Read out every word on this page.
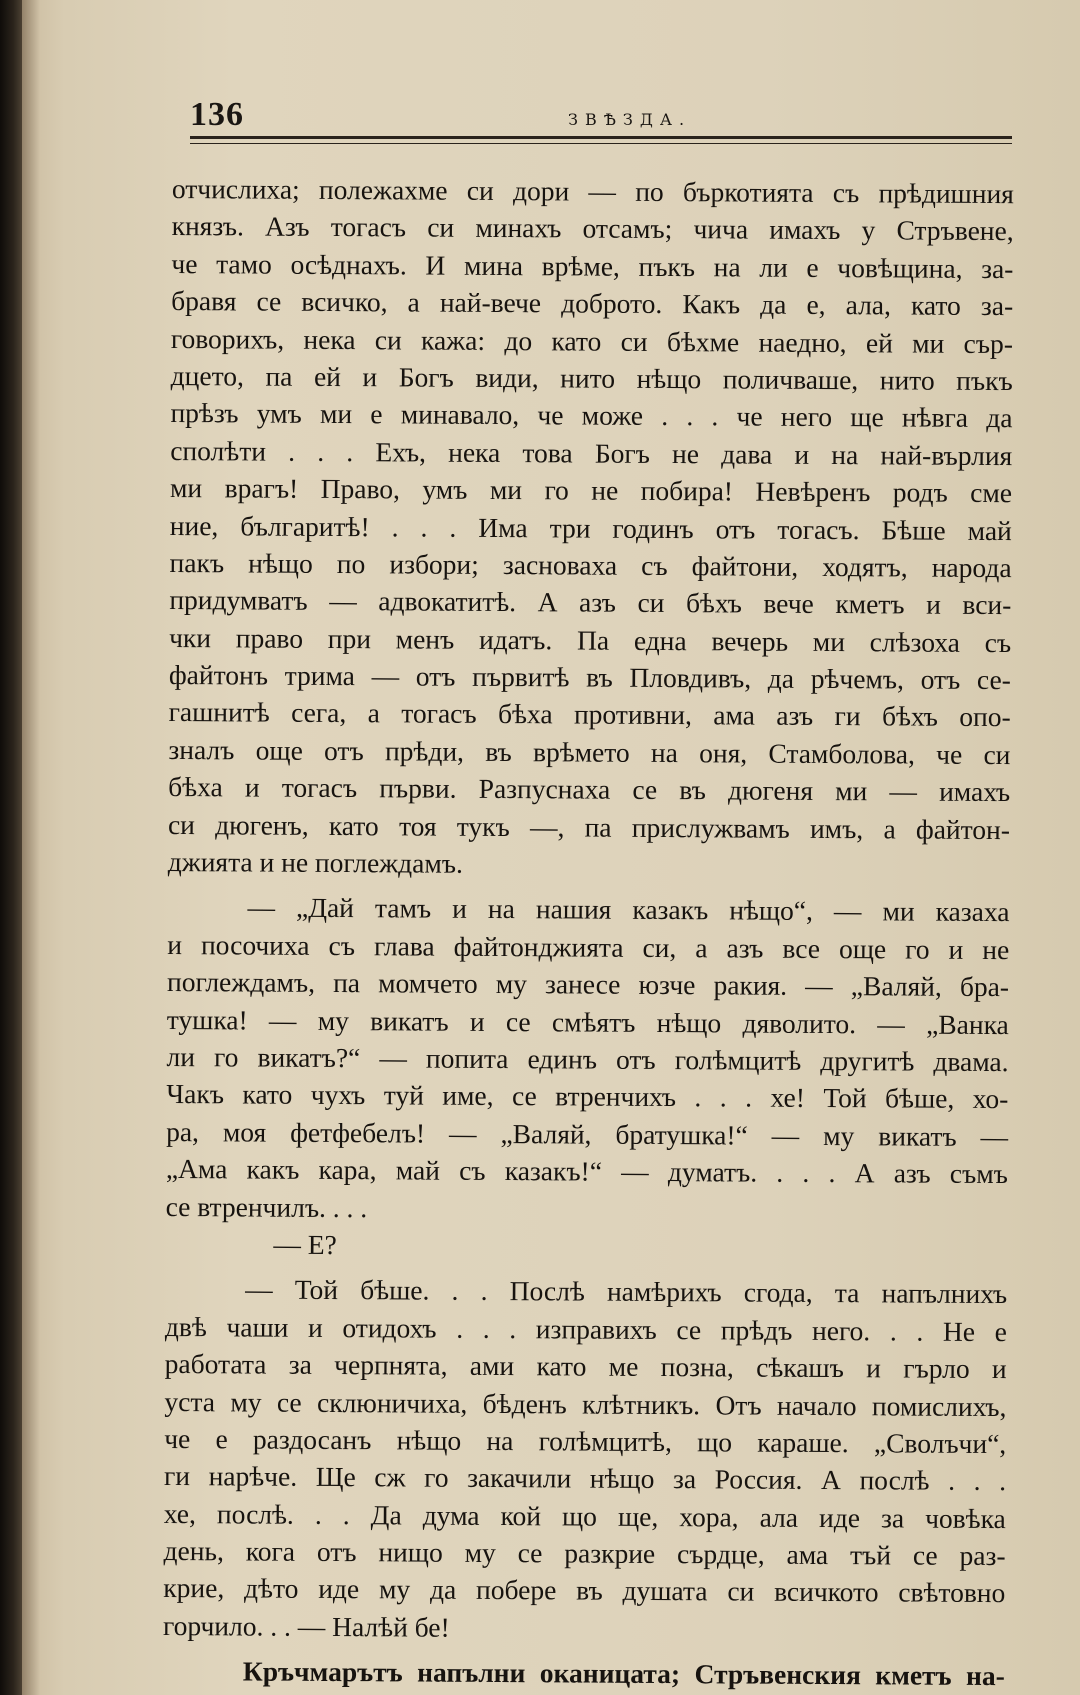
136	ЗВѢЗДА.
отчислиха; полежахме си дори — по бъркотията съ прѣдишния
князъ. Азъ тогасъ си минахъ отсамъ; чича имахъ у Стръвене,
че тамо осѣднахъ. И мина врѣме, пъкъ на ли е човѣщина, за-
бравя се всичко, а най-вече доброто. Какъ да е, ала, като за-
говорихъ, нека си кажа: до като си бѣхме наедно, ей ми сър-
дцето, па ей и Богъ види, нито нѣщо поличваше, нито пъкъ
прѣзъ умъ ми е минавало, че може . . . че него ще нѣвга да
сполѣти . . . Ехъ, нека това Богъ не дава и на най-върлия
ми врагъ! Право, умъ ми го не побира! Невѣренъ родъ сме
ние, българитѣ! . . . Има три годинъ отъ тогасъ. Бѣше май
пакъ нѣщо по избори; засноваха съ файтони, ходятъ, народа
придумватъ — адвокатитѣ. А азъ си бѣхъ вече кметъ и вси-
чки право при менъ идатъ. Па една вечерь ми слѣзоха съ
файтонъ трима — отъ първитѣ въ Пловдивъ, да рѣчемъ, отъ се-
гашнитѣ сега, а тогасъ бѣха противни, ама азъ ги бѣхъ опо-
зналъ още отъ прѣди, въ врѣмето на оня, Стамболова, че си
бѣха и тогасъ първи. Разпуснаха се въ дюгеня ми — имахъ
си дюгенъ, като тоя тукъ —, па прислужвамъ имъ, а файтон-
джията и не поглеждамъ.
— „Дай тамъ и на нашия казакъ нѣщо“, — ми казаха
и посочиха съ глава файтонджията си, а азъ все още го и не
поглеждамъ, па момчето му занесе юзче ракия. — „Валяй, бра-
тушка! — му викатъ и се смѣятъ нѣщо дяволито. — „Ванка
ли го викатъ?“ — попита единъ отъ голѣмцитѣ другитѣ двама.
Чакъ като чухъ туй име, се втренчихъ . . . хе! Той бѣше, хо-
ра, моя фетфебелъ! — „Валяй, братушка!“ — му викатъ —
„Ама какъ кара, май съ казакъ!“ — думатъ. . . . А азъ съмъ
се втренчилъ. . . .
— Е?
— Той бѣше. . . Послѣ намѣрихъ сгода, та напълнихъ
двѣ чаши и отидохъ . . . изправихъ се прѣдъ него. . . Не е
работата за черпнята, ами като ме позна, сѣкашъ и гърло и
уста му се склюничиха, бѣденъ клѣтникъ. Отъ начало помислихъ,
че е раздосанъ нѣщо на голѣмцитѣ, що караше. „Сволъчи“,
ги нарѣче. Ще сж го закачили нѣщо за Россия. А послѣ . . .
хе, послѣ. . . Да дума кой що ще, хора, ала иде за човѣка
день, кога отъ нищо му се разкрие сърдце, ама тъй се раз-
крие, дѣто иде му да побере въ душата си всичкото свѣтовно
горчило. . . — Налѣй бе!
Кръчмарътъ напълни оканицата; Стръвенския кметъ на-
